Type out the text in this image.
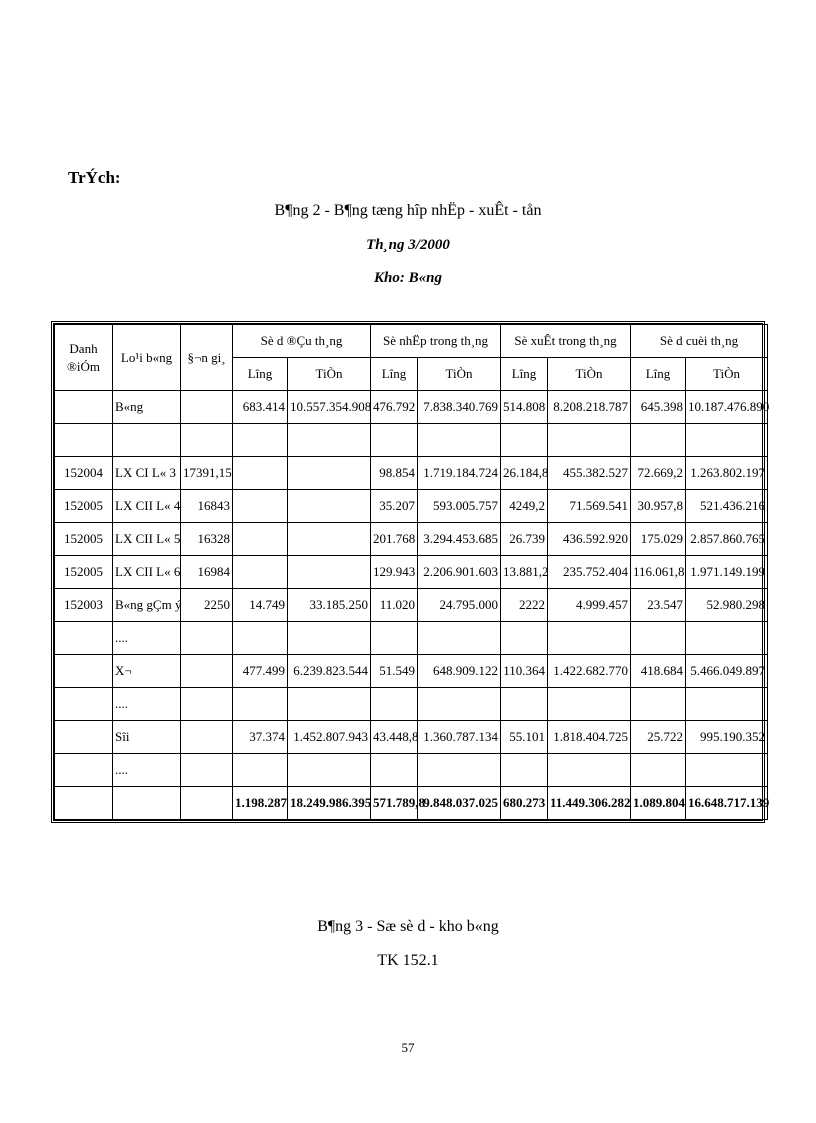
TrÝch:
B¶ng 2 - B¶ng tæng hîp nhËp - xuÊt - tån
Th¸ng 3/2000
Kho: B«ng
Danh ®iÓm	Lo¹i b«ng	§¬n gi¸	Sè d ®Çu th¸ng		Sè nhËp trong th¸ng		Sè xuÊt trong th¸ng		Sè d cuèi th¸ng	
			Lîng	TiÒn	Lîng	TiÒn	Lîng	TiÒn	Lîng	TiÒn
	B«ng		683.414	10.557.354.908	476.792	7.838.340.769	514.808	8.208.218.787	645.398	10.187.476.890

152004	LX CI L« 3	17391,15			98.854	1.719.184.724	26.184,8	455.382.527	72.669,2	1.263.802.197
152005	LX CII L« 4	16843			35.207	593.005.757	4249,2	71.569.541	30.957,8	521.436.216
152005	LX CII L« 5	16328			201.768	3.294.453.685	26.739	436.592.920	175.029	2.857.860.765
152005	LX CII L« 6	16984			129.943	2.206.901.603	13.881,2	235.752.404	116.061,8	1.971.149.199
152003	B«ng gÇm ý	2250	14.749	33.185.250	11.020	24.795.000	2222	4.999.457	23.547	52.980.298
	....									
	X¬		477.499	6.239.823.544	51.549	648.909.122	110.364	1.422.682.770	418.684	5.466.049.897
	....									
	Sîi		37.374	1.452.807.943	43.448,8	1.360.787.134	55.101	1.818.404.725	25.722	995.190.352
	....									
			1.198.287	18.249.986.395	571.789,8	9.848.037.025	680.273	11.449.306.282	1.089.804	16.648.717.139
B¶ng 3 - Sæ sè d - kho b«ng
TK 152.1
57
